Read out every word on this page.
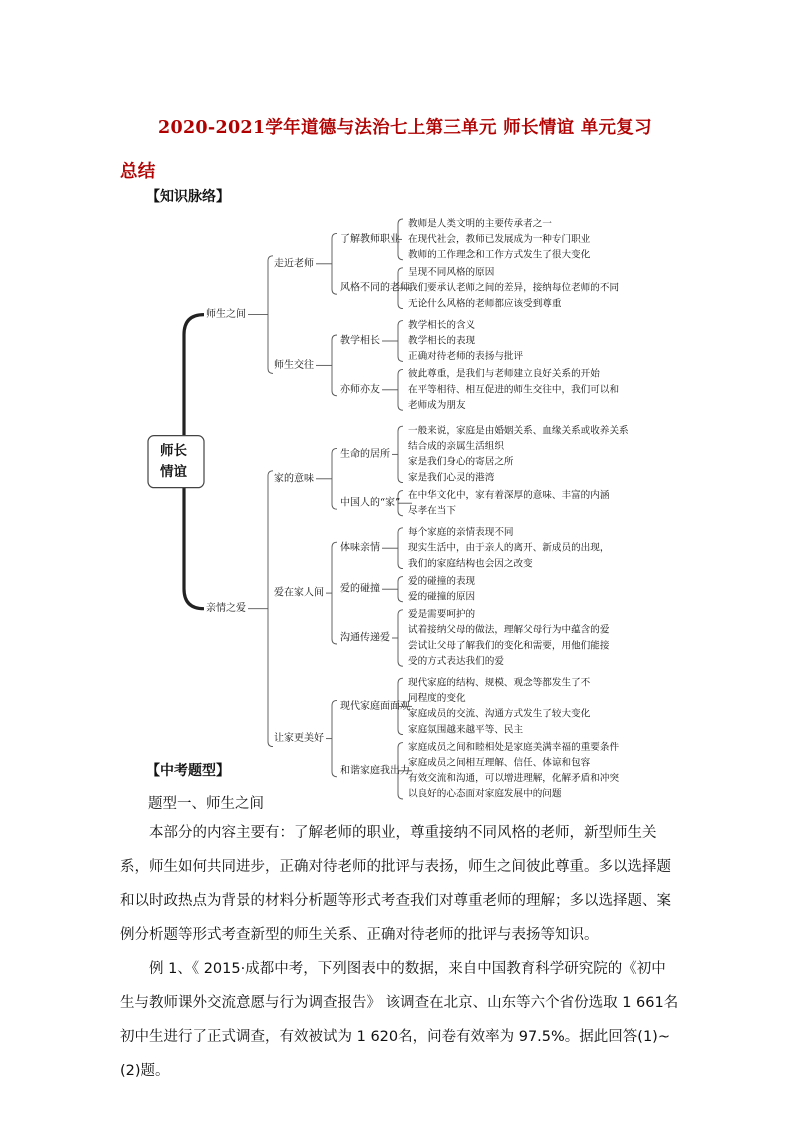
2020-2021学年道德与法治七上第三单元 师长情谊 单元复习
总结
【知识脉络】
教师是人类文明的主要传承者之一
在现代社会，教师已发展成为一种专门职业
教师的工作理念和工作方式发生了很大变化
了解教师职业
呈现不同风格的原因
我们要承认老师之间的差异，接纳每位老师的不同
无论什么风格的老师都应该受到尊重
风格不同的老师
走近老师
教学相长的含义
教学相长的表现
正确对待老师的表扬与批评
教学相长
彼此尊重，是我们与老师建立良好关系的开始
在平等相待、相互促进的师生交往中，我们可以和
老师成为朋友
亦师亦友
师生交往
师生之间
一般来说，家庭是由婚姻关系、血缘关系或收养关系
结合成的亲属生活组织
家是我们身心的寄居之所
家是我们心灵的港湾
生命的居所
在中华文化中，家有着深厚的意味、丰富的内涵
尽孝在当下
中国人的“家”
家的意味
每个家庭的亲情表现不同
现实生活中，由于亲人的离开、新成员的出现，
我们的家庭结构也会因之改变
体味亲情
爱的碰撞的表现
爱的碰撞的原因
爱的碰撞
爱是需要呵护的
试着接纳父母的做法，理解父母行为中蕴含的爱
尝试让父母了解我们的变化和需要，用他们能接
受的方式表达我们的爱
沟通传递爱
爱在家人间
现代家庭的结构、规模、观念等都发生了不
同程度的变化
家庭成员的交流、沟通方式发生了较大变化
家庭氛围越来越平等、民主
现代家庭面面观
家庭成员之间和睦相处是家庭美满幸福的重要条件
家庭成员之间相互理解、信任、体谅和包容
有效交流和沟通，可以增进理解，化解矛盾和冲突
以良好的心态面对家庭发展中的问题
和谐家庭我出力
让家更美好
亲情之爱
师长
情谊
【中考题型】
题型一、师生之间
本部分的内容主要有：了解老师的职业，尊重接纳不同风格的老师，新型师生关系，师生如何共同进步，正确对待老师的批评与表扬，师生之间彼此尊重。多以选择题和以时政热点为背景的材料分析题等形式考查我们对尊重老师的理解；多以选择题、案例分析题等形式考查新型的师生关系、正确对待老师的批评与表扬等知识。
例 1、《 2015·成都中考，下列图表中的数据，来自中国教育科学研究院的《初中生与教师课外交流意愿与行为调查报告》 该调查在北京、山东等六个省份选取 1 661名初中生进行了正式调查，有效被试为 1 620名，问卷有效率为 97.5%。据此回答(1)~(2)题。
